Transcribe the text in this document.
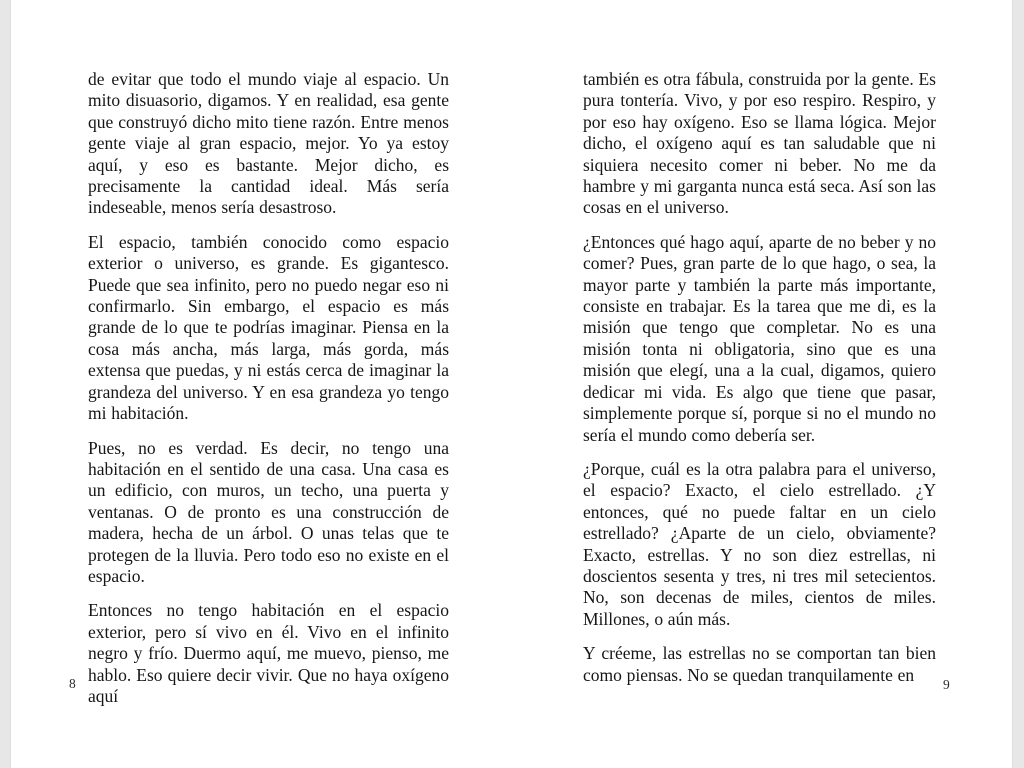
de evitar que todo el mundo viaje al espacio. Un mito disuasorio, digamos. Y en realidad, esa gente que construyó dicho mito tiene razón. Entre menos gente viaje al gran espacio, mejor. Yo ya estoy aquí, y eso es bastante. Mejor dicho, es precisamente la cantidad ideal. Más sería indeseable, menos sería desastroso.

El espacio, también conocido como espacio exterior o universo, es grande. Es gigantesco. Puede que sea infinito, pero no puedo negar eso ni confirmarlo. Sin embargo, el espacio es más grande de lo que te podrías imaginar. Piensa en la cosa más ancha, más larga, más gorda, más extensa que puedas, y ni estás cerca de imaginar la grandeza del universo. Y en esa grandeza yo tengo mi habitación.

Pues, no es verdad. Es decir, no tengo una habitación en el sentido de una casa. Una casa es un edificio, con muros, un techo, una puerta y ventanas. O de pronto es una construcción de madera, hecha de un árbol. O unas telas que te protegen de la lluvia. Pero todo eso no existe en el espacio.

Entonces no tengo habitación en el espacio exterior, pero sí vivo en él. Vivo en el infinito negro y frío. Duermo aquí, me muevo, pienso, me hablo. Eso quiere decir vivir. Que no haya oxígeno aquí

8

también es otra fábula, construida por la gente. Es pura tontería. Vivo, y por eso respiro. Respiro, y por eso hay oxígeno. Eso se llama lógica. Mejor dicho, el oxígeno aquí es tan saludable que ni siquiera necesito comer ni beber. No me da hambre y mi garganta nunca está seca. Así son las cosas en el universo.

¿Entonces qué hago aquí, aparte de no beber y no comer? Pues, gran parte de lo que hago, o sea, la mayor parte y también la parte más importante, consiste en trabajar. Es la tarea que me di, es la misión que tengo que completar. No es una misión tonta ni obligatoria, sino que es una misión que elegí, una a la cual, digamos, quiero dedicar mi vida. Es algo que tiene que pasar, simplemente porque sí, porque si no el mundo no sería el mundo como debería ser.

¿Porque, cuál es la otra palabra para el universo, el espacio? Exacto, el cielo estrellado. ¿Y entonces, qué no puede faltar en un cielo estrellado? ¿Aparte de un cielo, obviamente? Exacto, estrellas. Y no son diez estrellas, ni doscientos sesenta y tres, ni tres mil setecientos. No, son decenas de miles, cientos de miles. Millones, o aún más.

Y créeme, las estrellas no se comportan tan bien como piensas. No se quedan tranquilamente en	9
